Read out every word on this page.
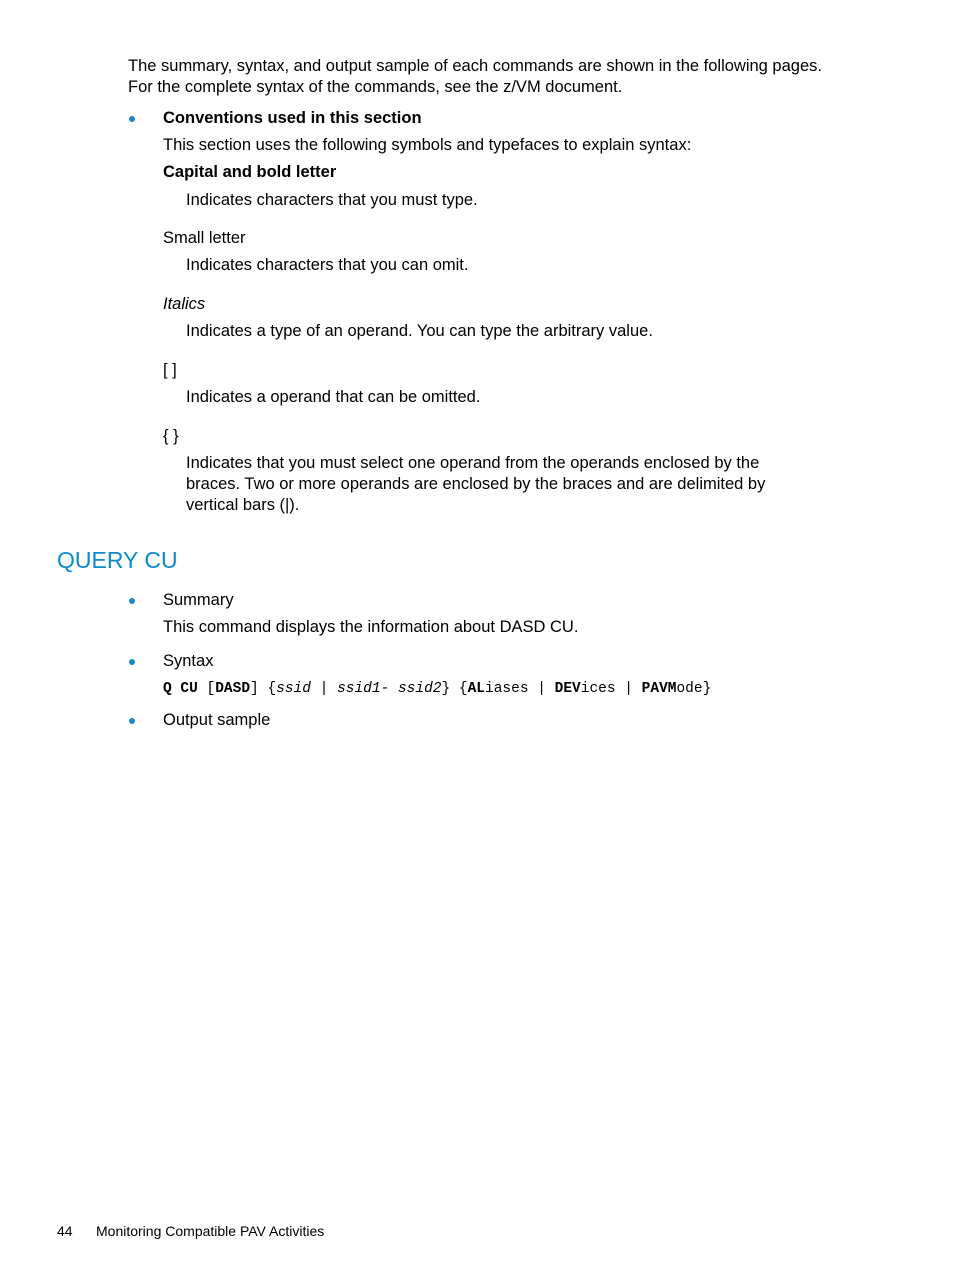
The summary, syntax, and output sample of each commands are shown in the following pages.
For the complete syntax of the commands, see the z/VM document.
Conventions used in this section
This section uses the following symbols and typefaces to explain syntax:
Capital and bold letter
Indicates characters that you must type.
Small letter
Indicates characters that you can omit.
Italics
Indicates a type of an operand. You can type the arbitrary value.
[ ]
Indicates a operand that can be omitted.
{ }
Indicates that you must select one operand from the operands enclosed by the
braces. Two or more operands are enclosed by the braces and are delimited by
vertical bars (|).
QUERY CU
Summary
This command displays the information about DASD CU.
Syntax
Q CU [DASD] {ssid | ssid1- ssid2} {ALiases | DEVices | PAVMode}
Output sample
44 Monitoring Compatible PAV Activities
